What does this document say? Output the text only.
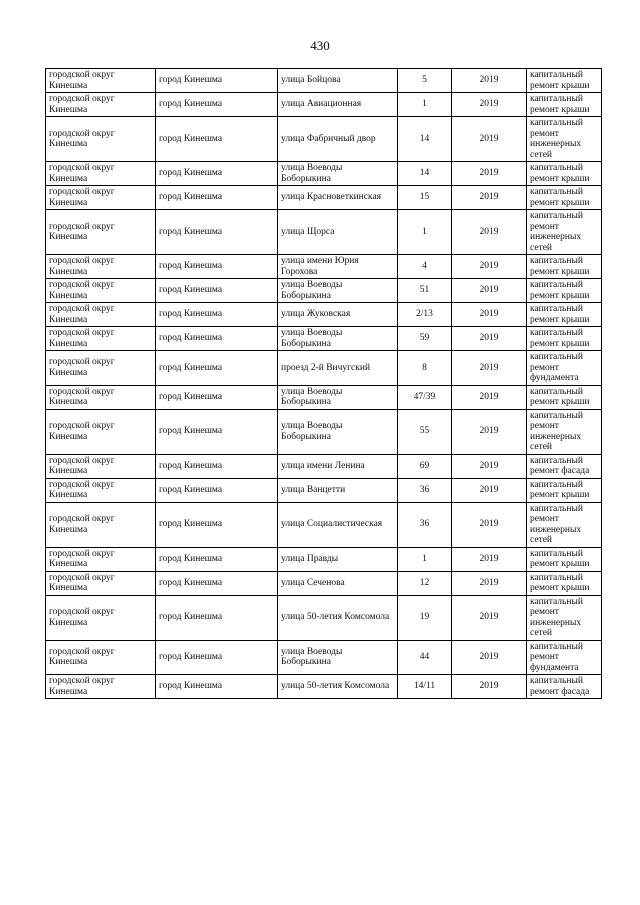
430
городской округ Кинешма	город Кинешма	улица Бойцова	5	2019	капитальный ремонт крыши
городской округ Кинешма	город Кинешма	улица Авиационная	1	2019	капитальный ремонт крыши
городской округ Кинешма	город Кинешма	улица Фабричный двор	14	2019	капитальный ремонт инженерных сетей
городской округ Кинешма	город Кинешма	улица Воеводы Боборыкина	14	2019	капитальный ремонт крыши
городской округ Кинешма	город Кинешма	улица Красноветкинская	15	2019	капитальный ремонт крыши
городской округ Кинешма	город Кинешма	улица Щорса	1	2019	капитальный ремонт инженерных сетей
городской округ Кинешма	город Кинешма	улица имени Юрия Горохова	4	2019	капитальный ремонт крыши
городской округ Кинешма	город Кинешма	улица Воеводы Боборыкина	51	2019	капитальный ремонт крыши
городской округ Кинешма	город Кинешма	улица Жуковская	2/13	2019	капитальный ремонт крыши
городской округ Кинешма	город Кинешма	улица Воеводы Боборыкина	59	2019	капитальный ремонт крыши
городской округ Кинешма	город Кинешма	проезд 2-й Вичугский	8	2019	капитальный ремонт фундамента
городской округ Кинешма	город Кинешма	улица Воеводы Боборыкина	47/39	2019	капитальный ремонт крыши
городской округ Кинешма	город Кинешма	улица Воеводы Боборыкина	55	2019	капитальный ремонт инженерных сетей
городской округ Кинешма	город Кинешма	улица имени Ленина	69	2019	капитальный ремонт фасада
городской округ Кинешма	город Кинешма	улица Ванцетти	36	2019	капитальный ремонт крыши
городской округ Кинешма	город Кинешма	улица Социалистическая	36	2019	капитальный ремонт инженерных сетей
городской округ Кинешма	город Кинешма	улица Правды	1	2019	капитальный ремонт крыши
городской округ Кинешма	город Кинешма	улица Сеченова	12	2019	капитальный ремонт крыши
городской округ Кинешма	город Кинешма	улица 50-летия Комсомола	19	2019	капитальный ремонт инженерных сетей
городской округ Кинешма	город Кинешма	улица Воеводы Боборыкина	44	2019	капитальный ремонт фундамента
городской округ Кинешма	город Кинешма	улица 50-летия Комсомола	14/11	2019	капитальный ремонт фасада
